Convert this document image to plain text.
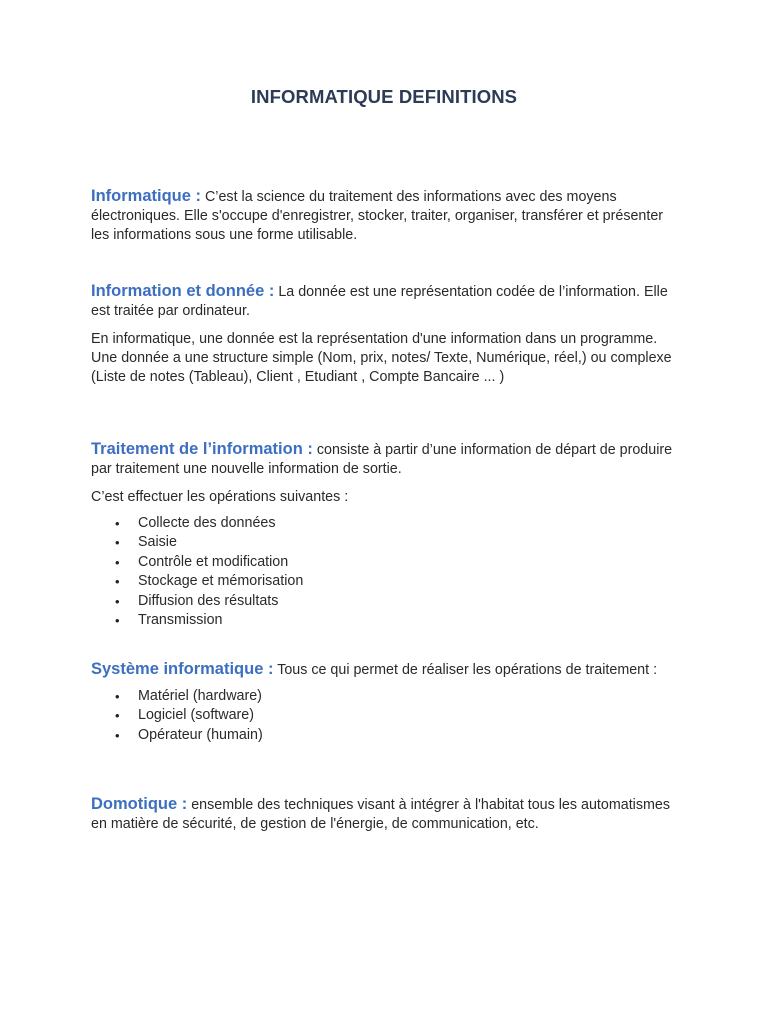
INFORMATIQUE DEFINITIONS

Informatique : C’est la science du traitement des informations avec des moyens électroniques. Elle s'occupe d'enregistrer, stocker, traiter, organiser, transférer et présenter les informations sous une forme utilisable.

Information et donnée : La donnée est une représentation codée de l’information. Elle est traitée par ordinateur.

En informatique, une donnée est la représentation d'une information dans un programme. Une donnée a une structure simple (Nom, prix, notes/ Texte, Numérique, réel,) ou complexe (Liste de notes (Tableau), Client , Etudiant , Compte Bancaire ... )

Traitement de l’information : consiste à partir d’une information de départ de produire par traitement une nouvelle information de sortie.

C’est effectuer les opérations suivantes :

• Collecte des données
• Saisie
• Contrôle et modification
• Stockage et mémorisation
• Diffusion des résultats
• Transmission

Système informatique : Tous ce qui permet de réaliser les opérations de traitement :

• Matériel (hardware)
• Logiciel (software)
• Opérateur (humain)

Domotique : ensemble des techniques visant à intégrer à l'habitat tous les automatismes en matière de sécurité, de gestion de l'énergie, de communication, etc.
